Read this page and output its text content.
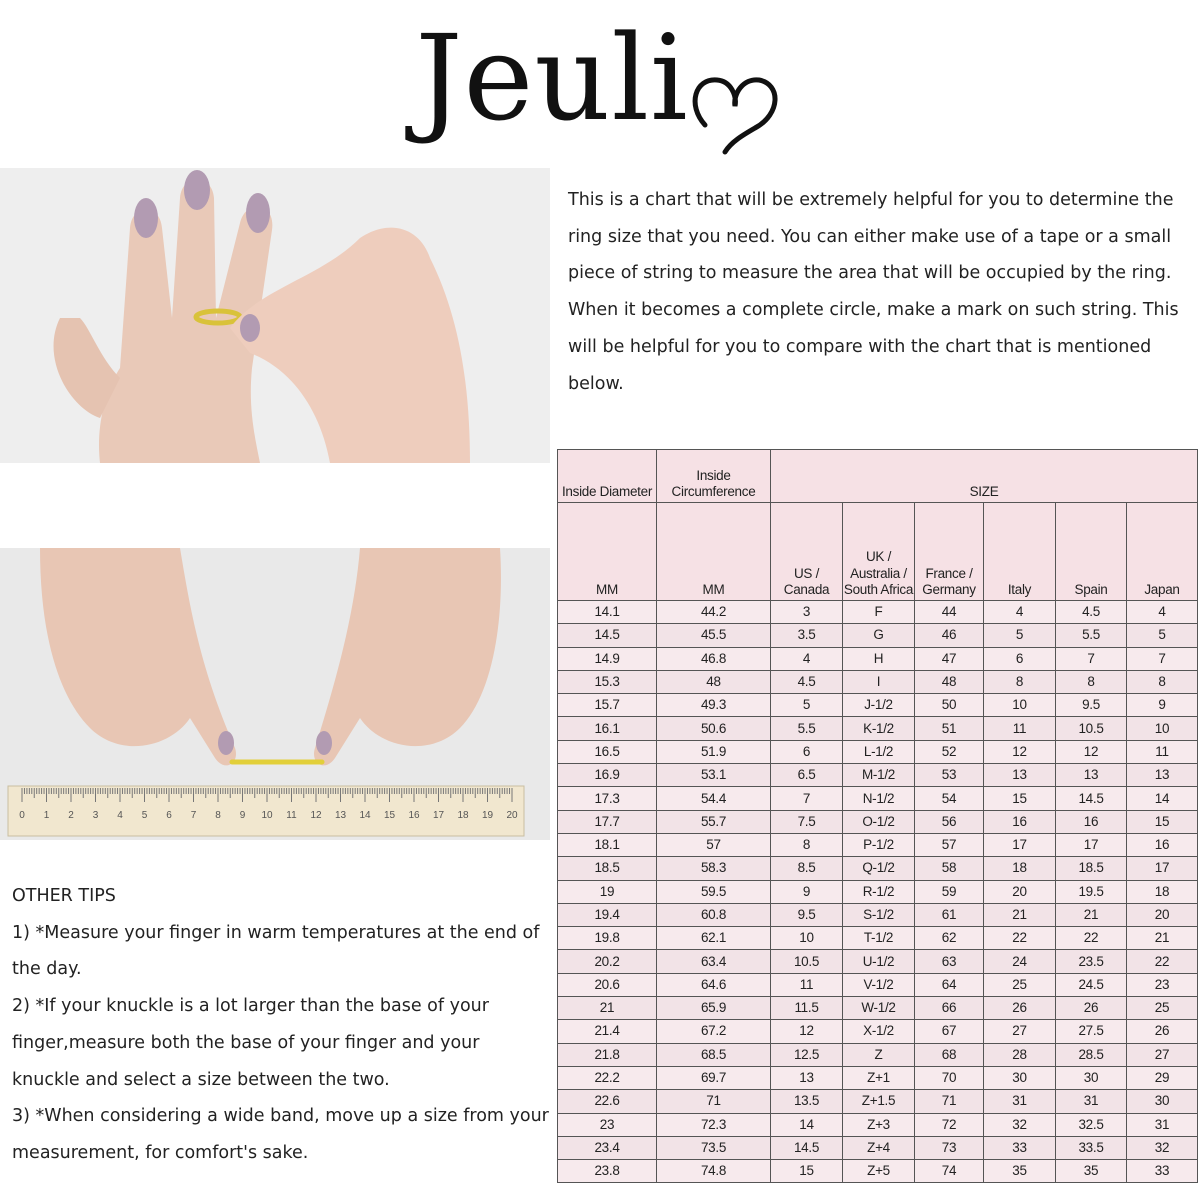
Jeuli
0 1 2 3 4 5 6 7 8 9 10 11 12 13 14 15 16 17 18 19 20
This is a chart that will be extremely helpful for you to determine the ring size that you need. You can either make use of a tape or a small piece of string to measure the area that will be occupied by the ring. When it becomes a complete circle, make a mark on such string. This will be helpful for you to compare with the chart that is mentioned below.

OTHER TIPS

1) *Measure your finger in warm temperatures at the end of the day.

2) *If your knuckle is a lot larger than the base of your finger,measure both the base of your finger and your knuckle and select a size between the two.

3) *When considering a wide band, move up a size from your measurement, for comfort's sake.

Inside Diameter	Inside Circumference	SIZE					
MM	MM	US / Canada	UK / Australia / South Africa	France / Germany	Italy	Spain	Japan
14.1	44.2	3	F	44	4	4.5	4
14.5	45.5	3.5	G	46	5	5.5	5
14.9	46.8	4	H	47	6	7	7
15.3	48	4.5	I	48	8	8	8
15.7	49.3	5	J-1/2	50	10	9.5	9
16.1	50.6	5.5	K-1/2	51	11	10.5	10
16.5	51.9	6	L-1/2	52	12	12	11
16.9	53.1	6.5	M-1/2	53	13	13	13
17.3	54.4	7	N-1/2	54	15	14.5	14
17.7	55.7	7.5	O-1/2	56	16	16	15
18.1	57	8	P-1/2	57	17	17	16
18.5	58.3	8.5	Q-1/2	58	18	18.5	17
19	59.5	9	R-1/2	59	20	19.5	18
19.4	60.8	9.5	S-1/2	61	21	21	20
19.8	62.1	10	T-1/2	62	22	22	21
20.2	63.4	10.5	U-1/2	63	24	23.5	22
20.6	64.6	11	V-1/2	64	25	24.5	23
21	65.9	11.5	W-1/2	66	26	26	25
21.4	67.2	12	X-1/2	67	27	27.5	26
21.8	68.5	12.5	Z	68	28	28.5	27
22.2	69.7	13	Z+1	70	30	30	29
22.6	71	13.5	Z+1.5	71	31	31	30
23	72.3	14	Z+3	72	32	32.5	31
23.4	73.5	14.5	Z+4	73	33	33.5	32
23.8	74.8	15	Z+5	74	35	35	33
